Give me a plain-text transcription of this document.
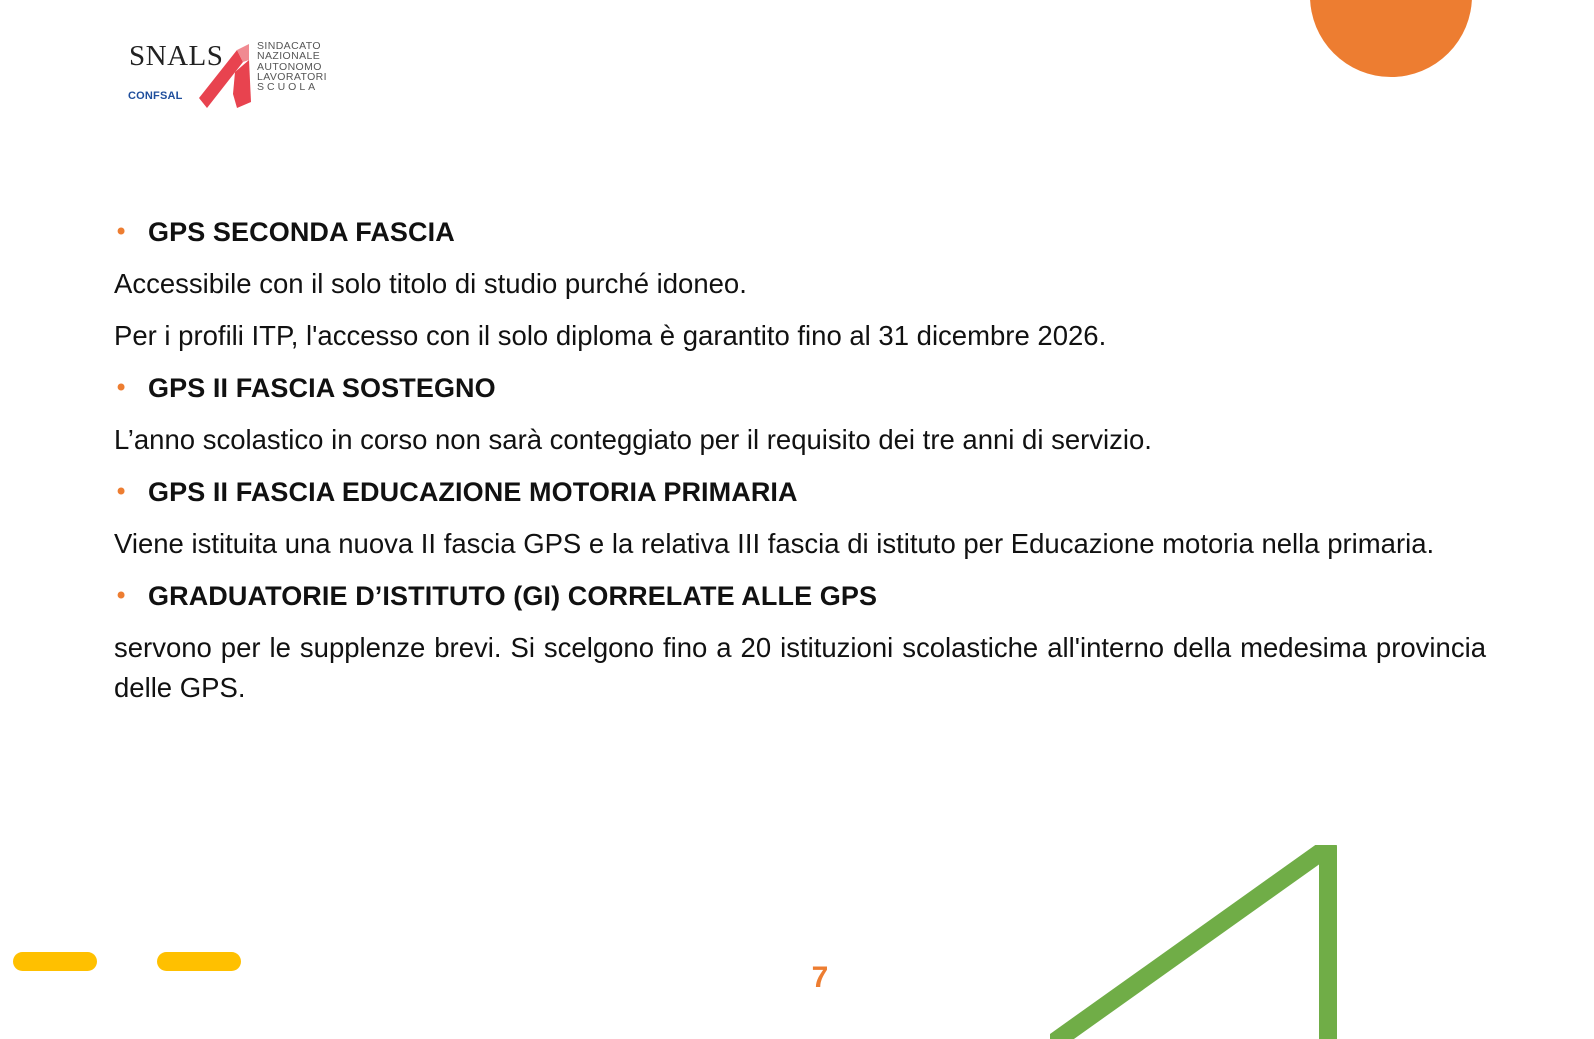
SNALS
CONFSAL
SINDACATO
NAZIONALE
AUTONOMO
LAVORATORI
SCUOLA

• GPS SECONDA FASCIA

Accessibile con il solo titolo di studio purché idoneo.

Per i profili ITP, l'accesso con il solo diploma è garantito fino al 31 dicembre 2026.

• GPS II FASCIA SOSTEGNO

L’anno scolastico in corso non sarà conteggiato per il requisito dei tre anni di servizio.

• GPS II FASCIA EDUCAZIONE MOTORIA PRIMARIA

Viene istituita una nuova II fascia GPS e la relativa III fascia di istituto per Educazione motoria nella primaria.

• GRADUATORIE D’ISTITUTO (GI) CORRELATE ALLE GPS

servono per le supplenze brevi. Si scelgono fino a 20 istituzioni scolastiche all'interno della medesima provincia delle GPS.

7
